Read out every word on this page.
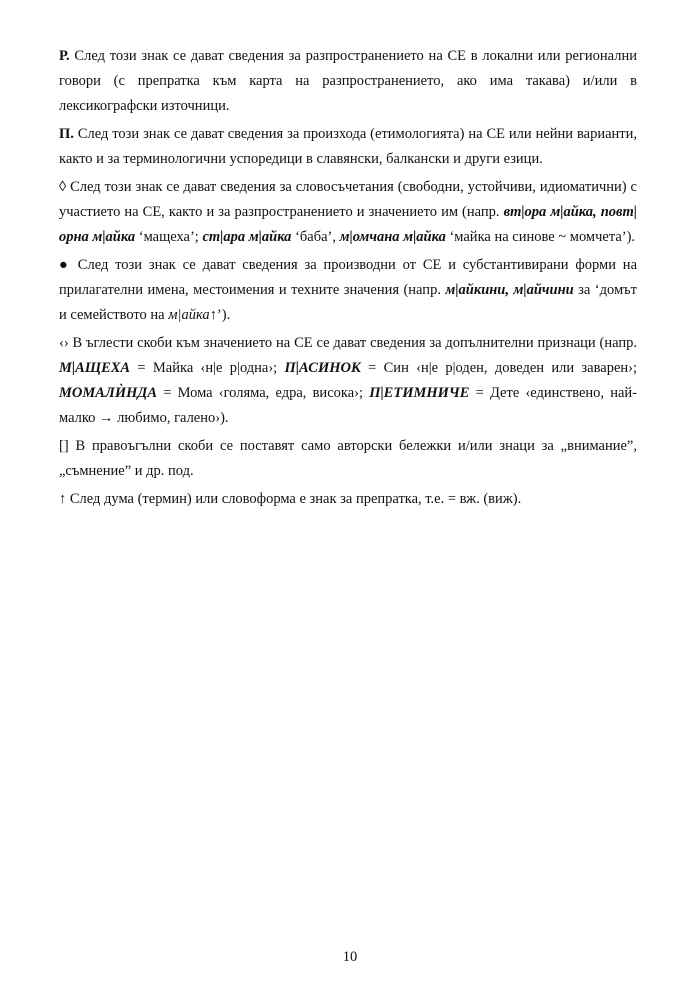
Р. След този знак се дават сведения за разпространението на СЕ в локални или регионални говори (с препратка към карта на разпространението, ако има такава) и/или в лексикографски източници.

П. След този знак се дават сведения за произхода (етимологията) на СЕ или нейни варианти, както и за терминологични успоредици в славянски, балкански и други езици.

◊ След този знак се дават сведения за словосъчетания (свободни, устойчиви, идиоматични) с участието на СЕ, както и за разпространението и значението им (напр. вт|ора м|айка, повт|орна м|айка ‘мащеха’; ст|ара м|айка ‘баба’, м|омчана м|айка ‘майка на синове ~ момчета’).

● След този знак се дават сведения за производни от СЕ и субстантивирани форми на прилагателни имена, местоимения и техните значения (напр. м|айкини, м|айчини за ‘домът и семейството на м|айка↑’).

‹› В ъглести скоби към значението на СЕ се дават сведения за допълнителни признаци (напр. М|АЩЕХА = Майка ‹н|е р|одна›; П|АСИНОК = Син ‹н|е р|оден, доведен или заварен›; МОМАЛЍНДА = Мома ‹голяма, едра, висока›; П|ЕТИМНИЧЕ = Дете ‹единствено, най-малко → любимо, галено›).

[] В правоъгълни скоби се поставят само авторски бележки и/или знаци за „внимание”, „съмнение” и др. под.

↑ След дума (термин) или словоформа е знак за препратка, т.е. = вж. (виж).

10
